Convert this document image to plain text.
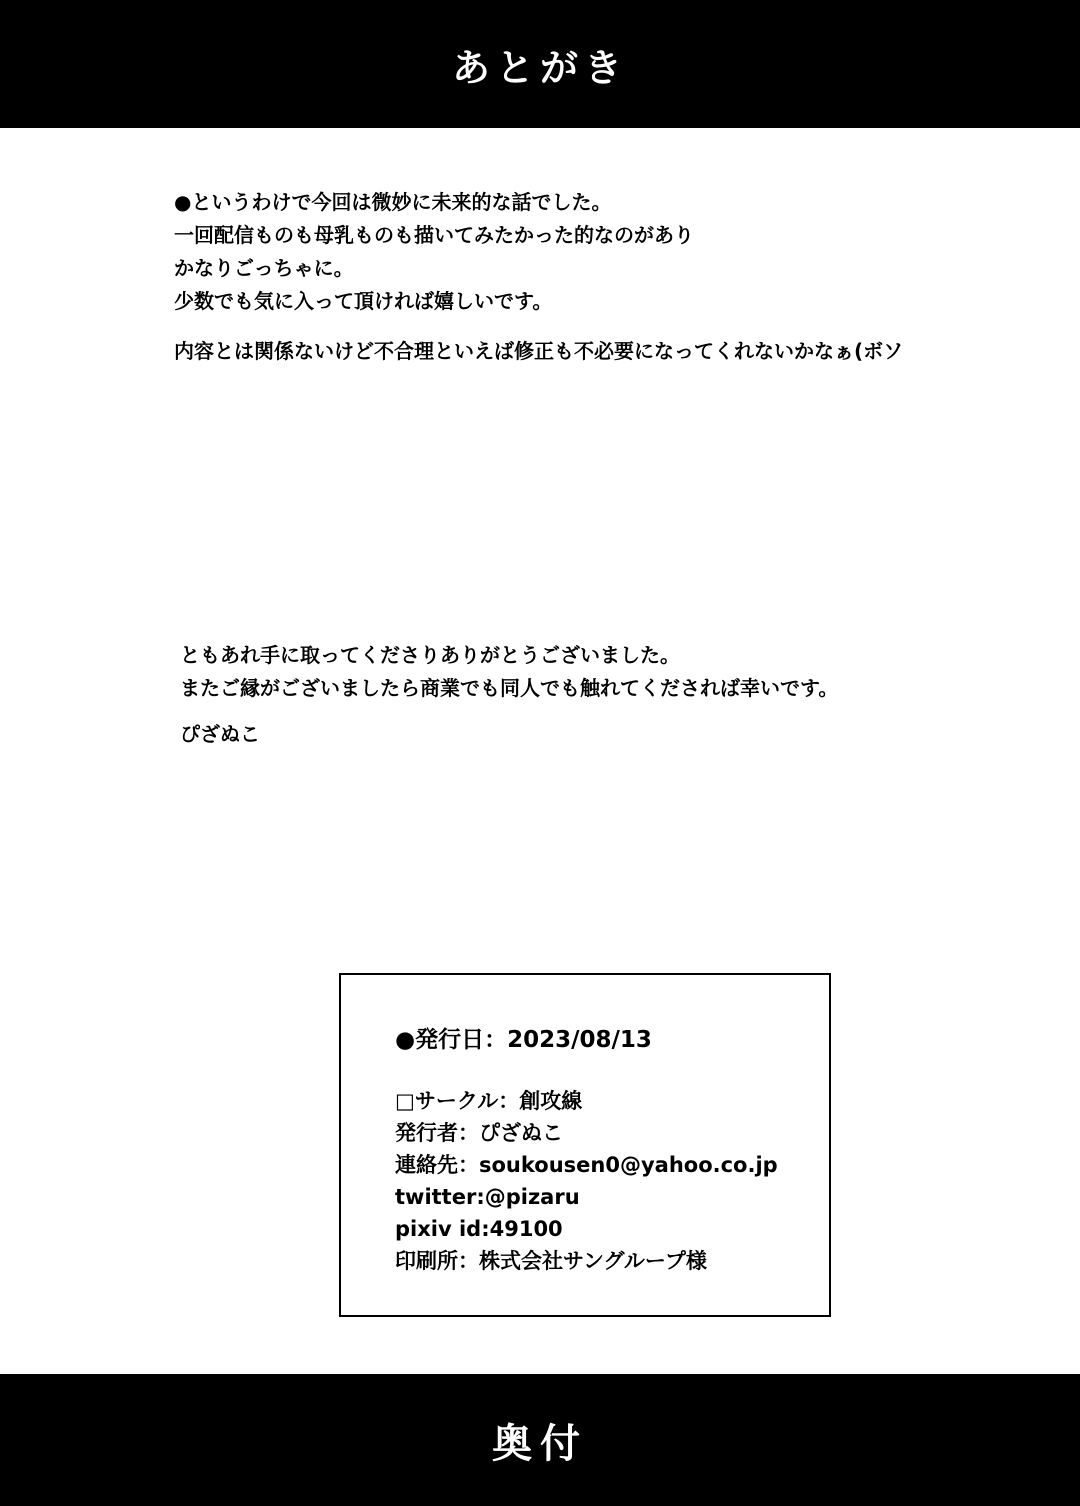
あとがき
●というわけで今回は微妙に未来的な話でした。
一回配信ものも母乳ものも描いてみたかった的なのがあり
かなりごっちゃに。
少数でも気に入って頂ければ嬉しいです。
内容とは関係ないけど不合理といえば修正も不必要になってくれないかなぁ(ボソ
ともあれ手に取ってくださりありがとうございました。
またご縁がございましたら商業でも同人でも触れてくだされば幸いです。
ぴざぬこ
●発行日：2023/08/13
□サークル：創攻線
発行者：ぴざぬこ
連絡先：soukousen0@yahoo.co.jp
twitter:@pizaru
pixiv id:49100
印刷所：株式会社サングループ様
奥付
